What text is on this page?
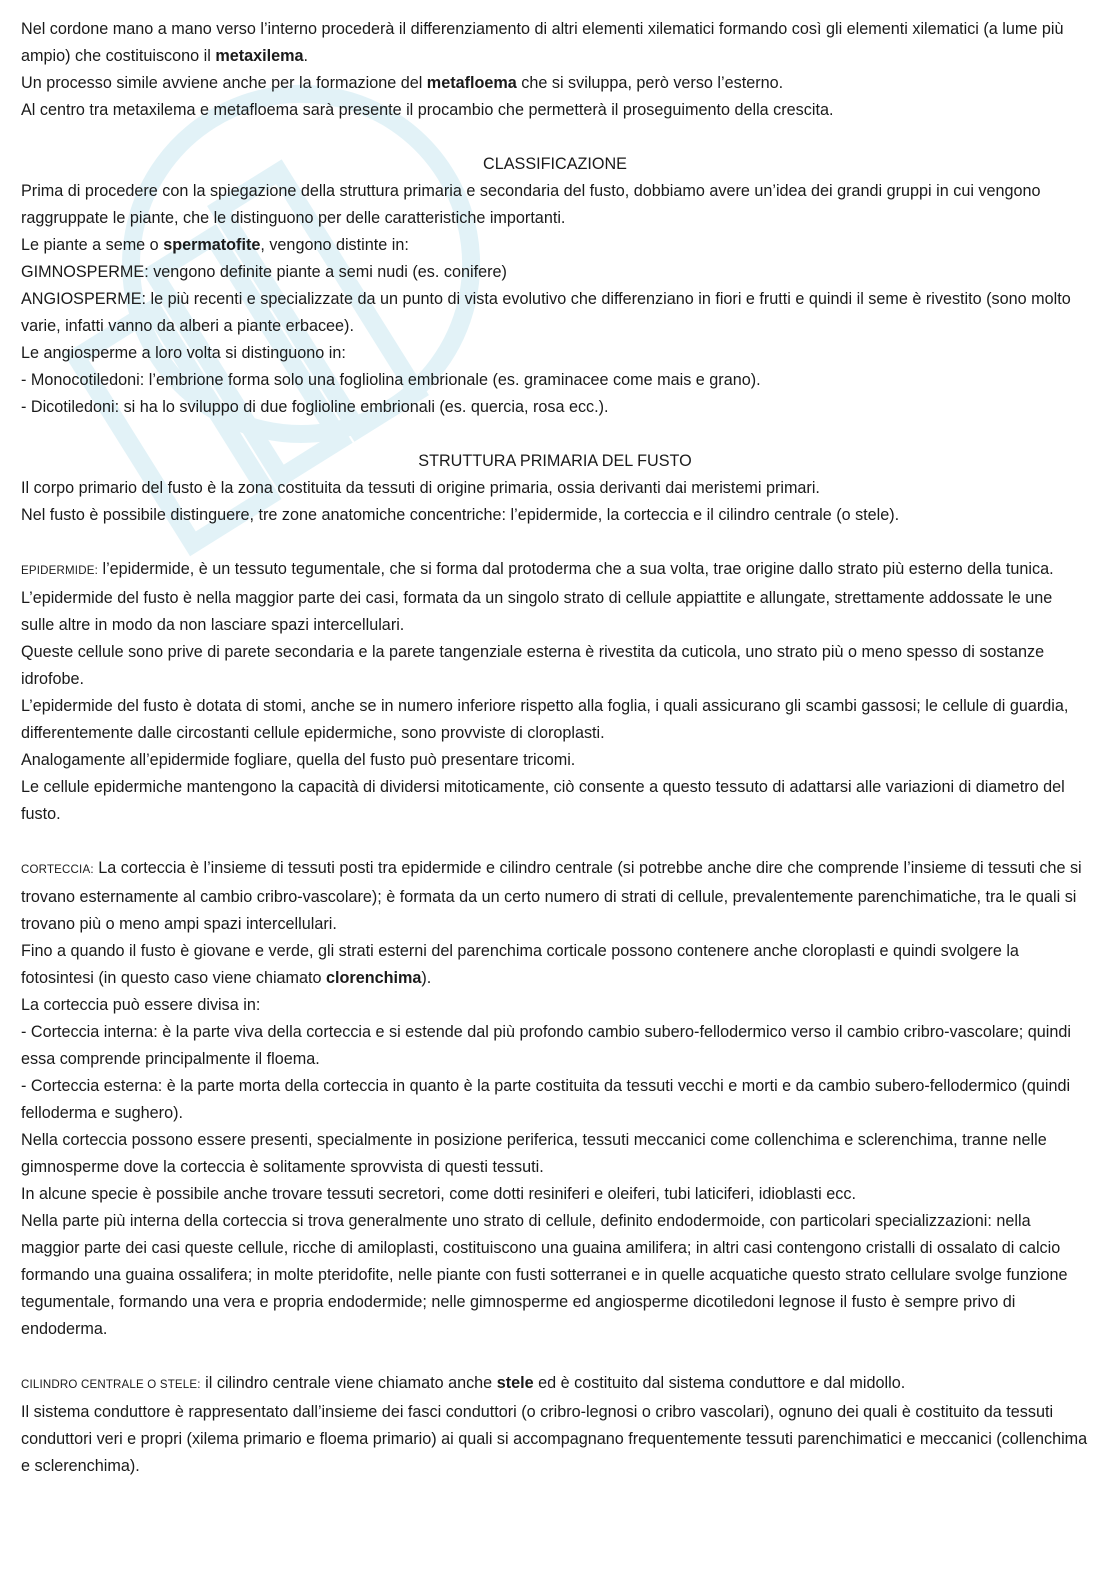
Nel cordone mano a mano verso l’interno procederà il differenziamento di altri elementi xilematici formando così gli elementi xilematici (a lume più ampio) che costituiscono il metaxilema.

Un processo simile avviene anche per la formazione del metafloema che si sviluppa, però verso l’esterno.

Al centro tra metaxilema e metafloema sarà presente il procambio che permetterà il proseguimento della crescita.

CLASSIFICAZIONE

Prima di procedere con la spiegazione della struttura primaria e secondaria del fusto, dobbiamo avere un’idea dei grandi gruppi in cui vengono raggruppate le piante, che le distinguono per delle caratteristiche importanti.

Le piante a seme o spermatofite, vengono distinte in:

GIMNOSPERME: vengono definite piante a semi nudi (es. conifere)

ANGIOSPERME: le più recenti e specializzate da un punto di vista evolutivo che differenziano in fiori e frutti e quindi il seme è rivestito (sono molto varie, infatti vanno da alberi a piante erbacee).

Le angiosperme a loro volta si distinguono in:

- Monocotiledoni: l’embrione forma solo una fogliolina embrionale (es. graminacee come mais e grano).

- Dicotiledoni: si ha lo sviluppo di due foglioline embrionali (es. quercia, rosa ecc.).

STRUTTURA PRIMARIA DEL FUSTO

Il corpo primario del fusto è la zona costituita da tessuti di origine primaria, ossia derivanti dai meristemi primari.

Nel fusto è possibile distinguere, tre zone anatomiche concentriche: l’epidermide, la corteccia e il cilindro centrale (o stele).

EPIDERMIDE: l’epidermide, è un tessuto tegumentale, che si forma dal protoderma che a sua volta, trae origine dallo strato più esterno della tunica.

L’epidermide del fusto è nella maggior parte dei casi, formata da un singolo strato di cellule appiattite e allungate, strettamente addossate le une sulle altre in modo da non lasciare spazi intercellulari.

Queste cellule sono prive di parete secondaria e la parete tangenziale esterna è rivestita da cuticola, uno strato più o meno spesso di sostanze idrofobe.

L’epidermide del fusto è dotata di stomi, anche se in numero inferiore rispetto alla foglia, i quali assicurano gli scambi gassosi; le cellule di guardia, differentemente dalle circostanti cellule epidermiche, sono provviste di cloroplasti.

Analogamente all’epidermide fogliare, quella del fusto può presentare tricomi.

Le cellule epidermiche mantengono la capacità di dividersi mitoticamente, ciò consente a questo tessuto di adattarsi alle variazioni di diametro del fusto.

CORTECCIA: La corteccia è l’insieme di tessuti posti tra epidermide e cilindro centrale (si potrebbe anche dire che comprende l’insieme di tessuti che si trovano esternamente al cambio cribro-vascolare); è formata da un certo numero di strati di cellule, prevalentemente parenchimatiche, tra le quali si trovano più o meno ampi spazi intercellulari.

Fino a quando il fusto è giovane e verde, gli strati esterni del parenchima corticale possono contenere anche cloroplasti e quindi svolgere la fotosintesi (in questo caso viene chiamato clorenchima).

La corteccia può essere divisa in:

- Corteccia interna: è la parte viva della corteccia e si estende dal più profondo cambio subero-fellodermico verso il cambio cribro-vascolare; quindi essa comprende principalmente il floema.

- Corteccia esterna: è la parte morta della corteccia in quanto è la parte costituita da tessuti vecchi e morti e da cambio subero-fellodermico (quindi felloderma e sughero).

Nella corteccia possono essere presenti, specialmente in posizione periferica, tessuti meccanici come collenchima e sclerenchima, tranne nelle gimnosperme dove la corteccia è solitamente sprovvista di questi tessuti.

In alcune specie è possibile anche trovare tessuti secretori, come dotti resiniferi e oleiferi, tubi laticiferi, idioblasti ecc.

Nella parte più interna della corteccia si trova generalmente uno strato di cellule, definito endodermoide, con particolari specializzazioni: nella maggior parte dei casi queste cellule, ricche di amiloplasti, costituiscono una guaina amilifera; in altri casi contengono cristalli di ossalato di calcio formando una guaina ossalifera; in molte pteridofite, nelle piante con fusti sotterranei e in quelle acquatiche questo strato cellulare svolge funzione tegumentale, formando una vera e propria endodermide; nelle gimnosperme ed angiosperme dicotiledoni legnose il fusto è sempre privo di endoderma.

CILINDRO CENTRALE O STELE: il cilindro centrale viene chiamato anche stele ed è costituito dal sistema conduttore e dal midollo.

Il sistema conduttore è rappresentato dall’insieme dei fasci conduttori (o cribro-legnosi o cribro vascolari), ognuno dei quali è costituito da tessuti conduttori veri e propri (xilema primario e floema primario) ai quali si accompagnano frequentemente tessuti parenchimatici e meccanici (collenchima e sclerenchima).
